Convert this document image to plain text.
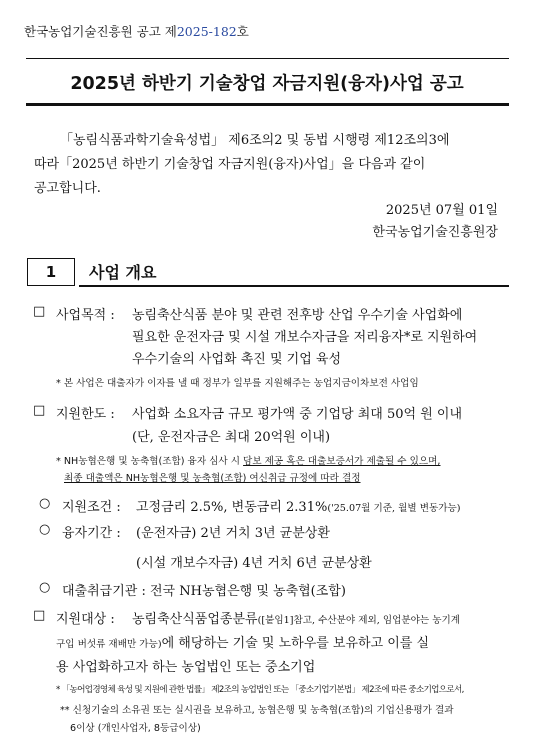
한국농업기술진흥원 공고 제2025-182호
2025년 하반기 기술창업 자금지원(융자)사업 공고
「농림식품과학기술육성법」 제6조의2 및 동법 시행령 제12조의3에
따라「2025년 하반기 기술창업 자금지원(융자)사업」을 다음과 같이
공고합니다.
2025년 07월 01일
한국농업기술진흥원장
1	사업 개요
□ 사업목적 : 농림축산식품 분야 및 관련 전후방 산업 우수기술 사업화에
필요한 운전자금 및 시설 개보수자금을 저리융자*로 지원하여
우수기술의 사업화 촉진 및 기업 육성
* 본 사업은 대출자가 이자를 낼 때 정부가 일부를 지원해주는 농업지금이차보전 사업임
□ 지원한도 : 사업화 소요자금 규모 평가액 중 기업당 최대 50억 원 이내
(단, 운전자금은 최대 20억원 이내)
* NH농협은행 및 농축협(조합) 융자 심사 시 담보 제공 혹은 대출보증서가 제출될 수 있으며,
최종 대출액은 NH농협은행 및 농축협(조합) 여신취급 규정에 따라 결정
○ 지원조건 : 고정금리 2.5%, 변동금리 2.31%('25.07월 기준, 월별 변동가능)
○ 융자기간 : (운전자금) 2년 거치 3년 균분상환
(시설 개보수자금) 4년 거치 6년 균분상환
○ 대출취급기관 : 전국 NH농협은행 및 농축협(조합)
□ 지원대상 : 농림축산식품업종분류([붙임1]참고, 수산분야 제외, 임업분야는 농기계
구입 버섯류 재배만 가능)에 해당하는 기술 및 노하우를 보유하고 이를 실
용 사업화하고자 하는 농업법인 또는 중소기업
* 「농어업경영체 육성 및 지원에 관한 법률」 제2조의 농업법인 또는 「중소기업기본법」 제2조에 따른 중소기업으로서,
** 신청기술의 소유권 또는 실시권을 보유하고, 농협은행 및 농축협(조합)의 기업신용평가 결과
6이상 (개인사업자, 8등급이상)
